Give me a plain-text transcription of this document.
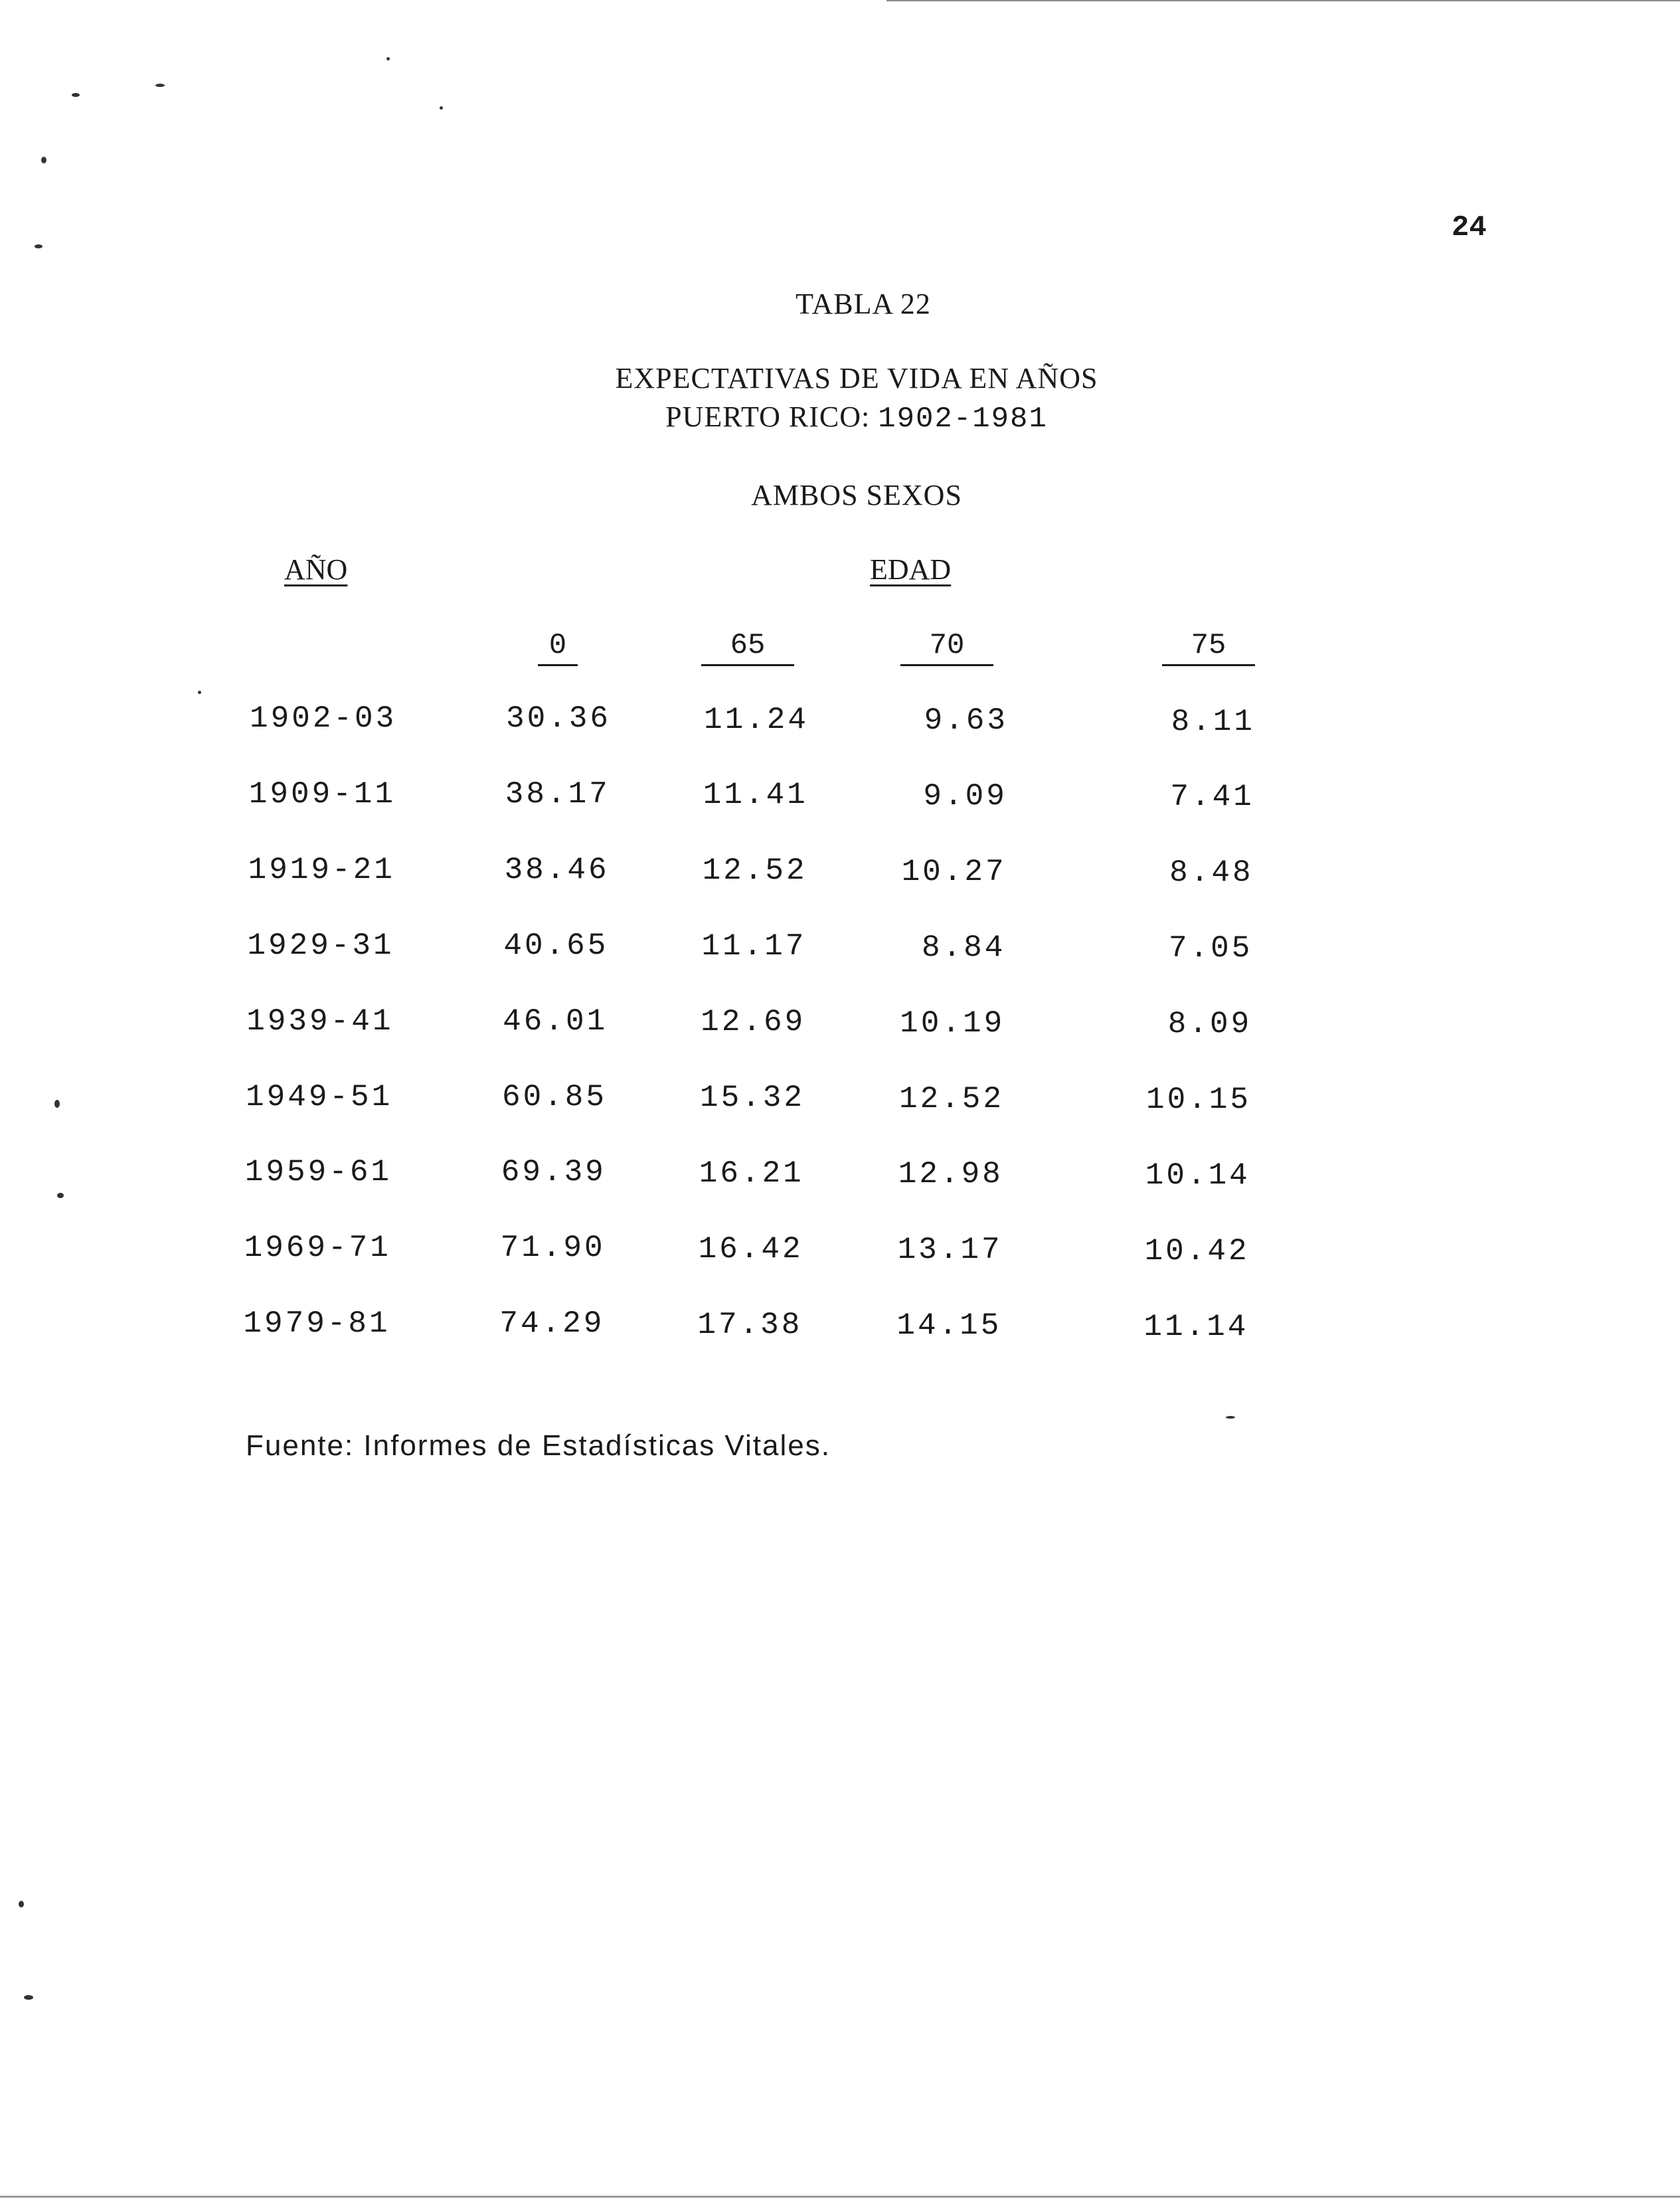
24
TABLA 22
EXPECTATIVAS DE VIDA EN AÑOS
PUERTO RICO: 1902-1981
AMBOS SEXOS
AÑO	EDAD
0	65	70	75
1902-03	30.36	11.24	9.63	8.11
1909-11	38.17	11.41	9.09	7.41
1919-21	38.46	12.52	10.27	8.48
1929-31	40.65	11.17	8.84	7.05
1939-41	46.01	12.69	10.19	8.09
1949-51	60.85	15.32	12.52	10.15
1959-61	69.39	16.21	12.98	10.14
1969-71	71.90	16.42	13.17	10.42
1979-81	74.29	17.38	14.15	11.14
Fuente: Informes de Estadísticas Vitales.
